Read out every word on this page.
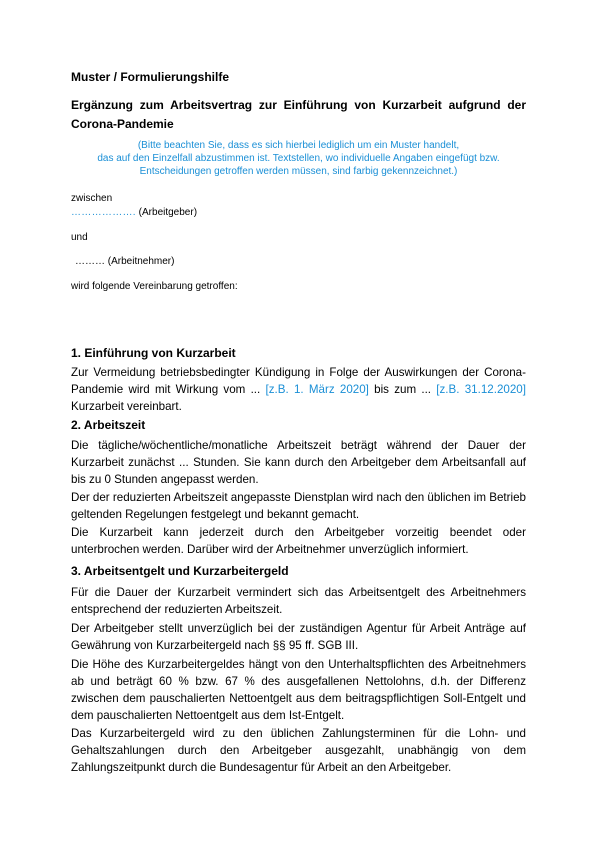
Muster / Formulierungshilfe
Ergänzung zum Arbeitsvertrag zur Einführung von Kurzarbeit aufgrund der Corona-Pandemie
(Bitte beachten Sie, dass es sich hierbei lediglich um ein Muster handelt,
das auf den Einzelfall abzustimmen ist. Textstellen, wo individuelle Angaben eingefügt bzw.
Entscheidungen getroffen werden müssen, sind farbig gekennzeichnet.)
zwischen
………………. (Arbeitgeber)
und
……… (Arbeitnehmer)
wird folgende Vereinbarung getroffen:
1. Einführung von Kurzarbeit
Zur Vermeidung betriebsbedingter Kündigung in Folge der Auswirkungen der Corona-Pandemie wird mit Wirkung vom ... [z.B. 1. März 2020] bis zum ... [z.B. 31.12.2020] Kurzarbeit vereinbart.
2. Arbeitszeit
Die tägliche/wöchentliche/monatliche Arbeitszeit beträgt während der Dauer der Kurzarbeit zunächst ... Stunden. Sie kann durch den Arbeitgeber dem Arbeitsanfall auf bis zu 0 Stunden angepasst werden.
Der der reduzierten Arbeitszeit angepasste Dienstplan wird nach den üblichen im Betrieb geltenden Regelungen festgelegt und bekannt gemacht.
Die Kurzarbeit kann jederzeit durch den Arbeitgeber vorzeitig beendet oder unterbrochen werden. Darüber wird der Arbeitnehmer unverzüglich informiert.
3. Arbeitsentgelt und Kurzarbeitergeld
Für die Dauer der Kurzarbeit vermindert sich das Arbeitsentgelt des Arbeitnehmers entsprechend der reduzierten Arbeitszeit.
Der Arbeitgeber stellt unverzüglich bei der zuständigen Agentur für Arbeit Anträge auf Gewährung von Kurzarbeitergeld nach §§ 95 ff. SGB III.
Die Höhe des Kurzarbeitergeldes hängt von den Unterhaltspflichten des Arbeitnehmers ab und beträgt 60 % bzw. 67 % des ausgefallenen Nettolohns, d.h. der Differenz zwischen dem pauschalierten Nettoentgelt aus dem beitragspflichtigen Soll-Entgelt und dem pauschalierten Nettoentgelt aus dem Ist-Entgelt.
Das Kurzarbeitergeld wird zu den üblichen Zahlungsterminen für die Lohn- und Gehaltszahlungen durch den Arbeitgeber ausgezahlt, unabhängig von dem Zahlungszeitpunkt durch die Bundesagentur für Arbeit an den Arbeitgeber.
